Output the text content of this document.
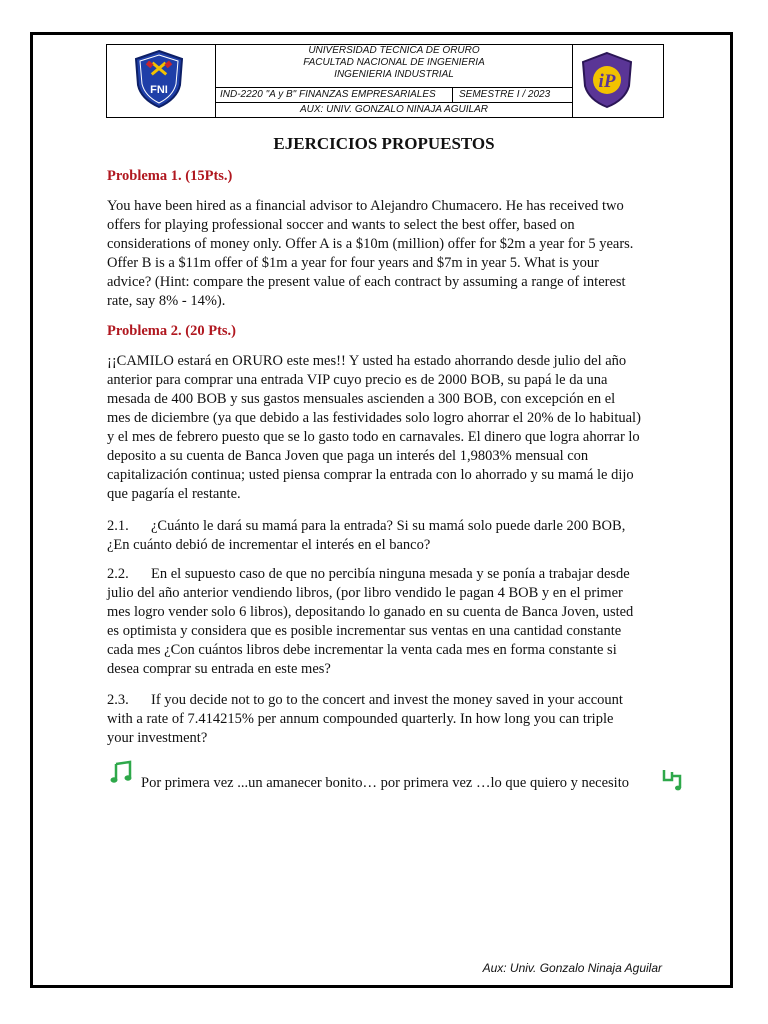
FNI
UNIVERSIDAD TECNICA DE ORURO
FACULTAD NACIONAL DE INGENIERIA
INGENIERIA INDUSTRIAL
IND-2220 "A y B" FINANZAS EMPRESARIALES	SEMESTRE I / 2023
AUX: UNIV. GONZALO NINAJA AGUILAR
iP
EJERCICIOS PROPUESTOS
Problema 1. (15Pts.)
You have been hired as a financial advisor to Alejandro Chumacero. He has received two
offers for playing professional soccer and wants to select the best offer, based on
considerations of money only. Offer A is a $10m (million) offer for $2m a year for 5 years.
Offer B is a $11m offer of $1m a year for four years and $7m in year 5. What is your
advice? (Hint: compare the present value of each contract by assuming a range of interest
rate, say 8% - 14%).
Problema 2. (20 Pts.)
¡¡CAMILO estará en ORURO este mes!! Y usted ha estado ahorrando desde julio del año
anterior para comprar una entrada VIP cuyo precio es de 2000 BOB, su papá le da una
mesada de 400 BOB y sus gastos mensuales ascienden a 300 BOB, con excepción en el
mes de diciembre (ya que debido a las festividades solo logro ahorrar el 20% de lo habitual)
y el mes de febrero puesto que se lo gasto todo en carnavales. El dinero que logra ahorrar lo
deposito a su cuenta de Banca Joven que paga un interés del 1,9803% mensual con
capitalización continua; usted piensa comprar la entrada con lo ahorrado y su mamá le dijo
que pagaría el restante.
2.1. ¿Cuánto le dará su mamá para la entrada? Si su mamá solo puede darle 200 BOB,
¿En cuánto debió de incrementar el interés en el banco?
2.2. En el supuesto caso de que no percibía ninguna mesada y se ponía a trabajar desde
julio del año anterior vendiendo libros, (por libro vendido le pagan 4 BOB y en el primer
mes logro vender solo 6 libros), depositando lo ganado en su cuenta de Banca Joven, usted
es optimista y considera que es posible incrementar sus ventas en una cantidad constante
cada mes ¿Con cuántos libros debe incrementar la venta cada mes en forma constante si
desea comprar su entrada en este mes?
2.3. If you decide not to go to the concert and invest the money saved in your account
with a rate of 7.414215% per annum compounded quarterly. In how long you can triple
your investment?
Por primera vez ...un amanecer bonito… por primera vez …lo que quiero y necesito
Aux: Univ. Gonzalo Ninaja Aguilar
